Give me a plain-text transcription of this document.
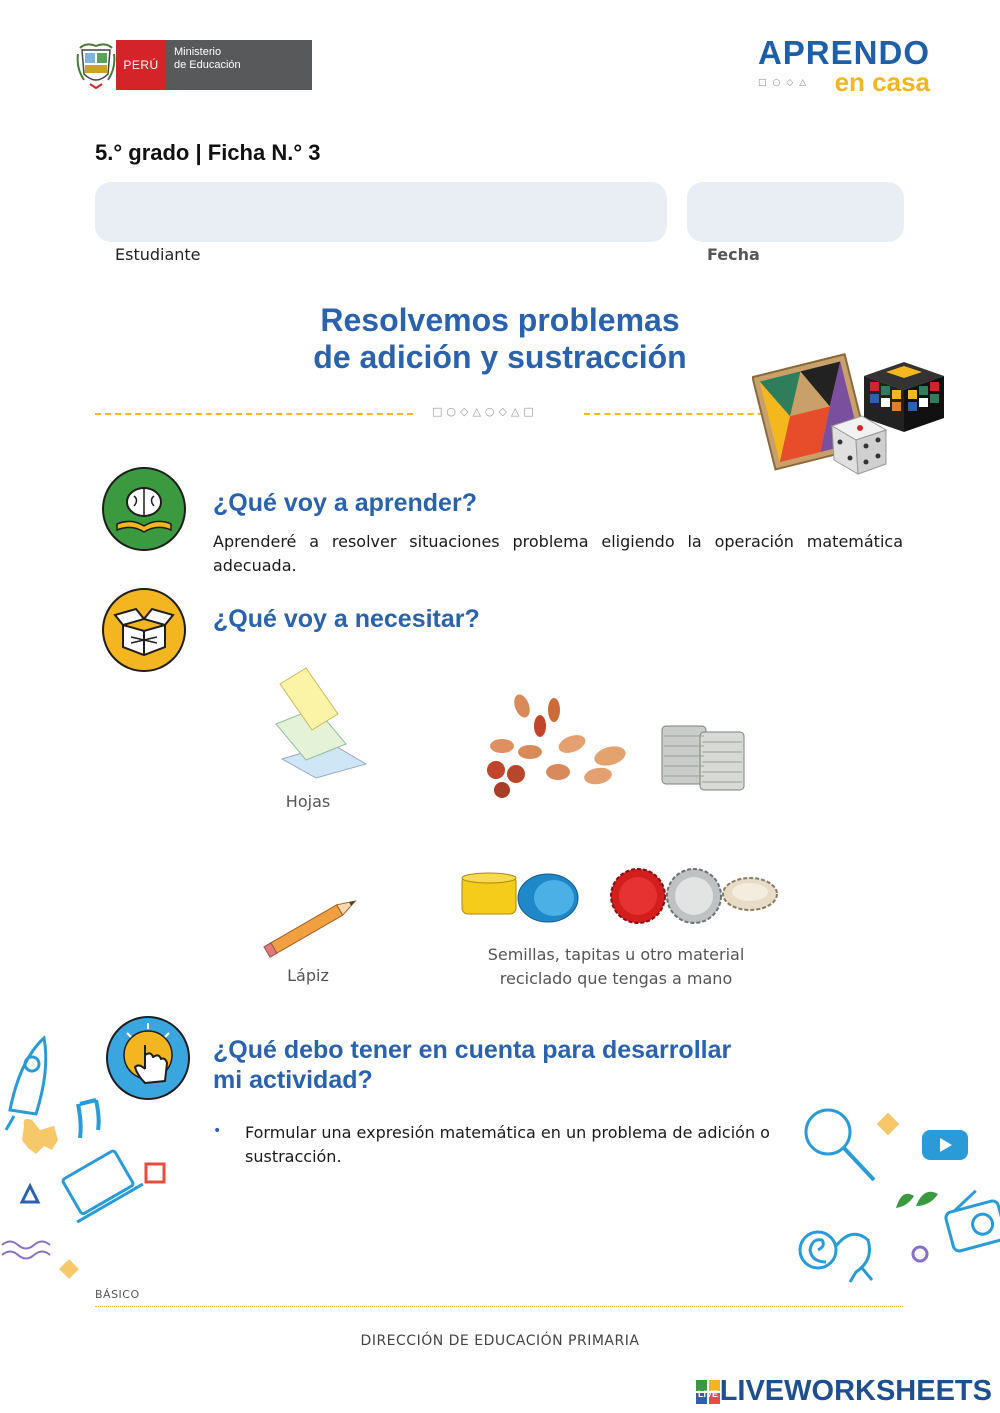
PERÚ
Ministerio
de Educación	APRENDO
en casa
□○◇△
5.° grado | Ficha N.° 3
Estudiante	Fecha
Resolvemos problemas
de adición y sustracción
□○◇△○◇△□
¿Qué voy a aprender?
Aprenderé a resolver situaciones problema eligiendo la operación matemática adecuada.
¿Qué voy a necesitar?
Hojas
Lápiz
Semillas, tapitas u otro material
reciclado que tengas a mano
¿Qué debo tener en cuenta para desarrollar
mi actividad?
•	Formular una expresión matemática en un problema de adición o sustracción.
BÁSICO
DIRECCIÓN DE EDUCACIÓN PRIMARIA
LIVE LIVEWORKSHEETS
